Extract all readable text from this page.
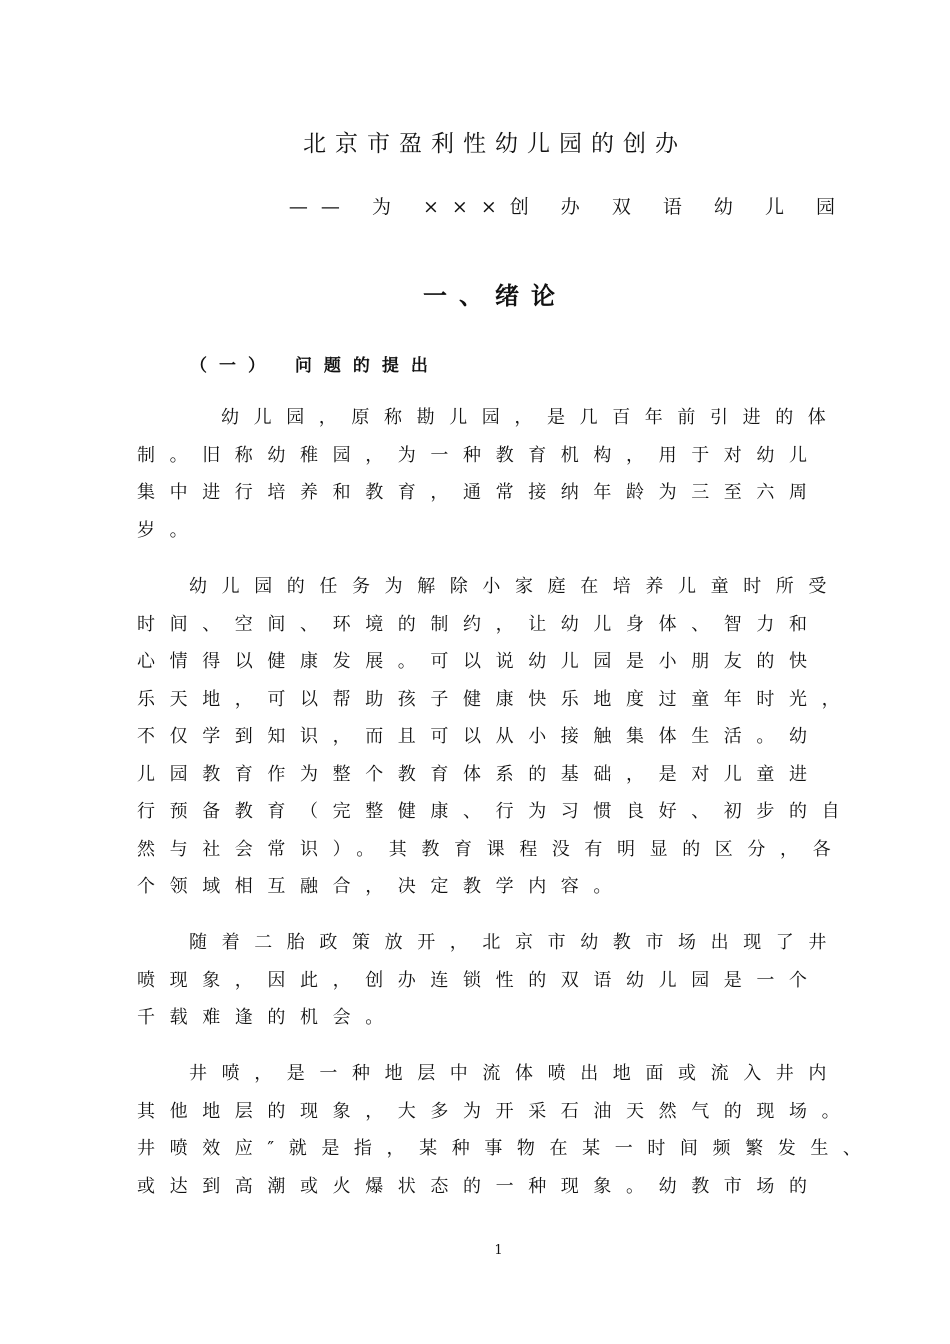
北京市盈利性幼儿园的创办

—— 为 ×××创 办 双 语 幼 儿 园

一、绪论
（一） 问题的提出
幼儿园，原称勘儿园，是几百年前引进的体
制。旧称幼稚园，为一种教育机构，用于对幼儿
集中进行培养和教育，通常接纳年龄为三至六周
岁。
幼儿园的任务为解除小家庭在培养儿童时所受
时间、空间、环境的制约，让幼儿身体、智力和
心情得以健康发展。可以说幼儿园是小朋友的快
乐天地，可以帮助孩子健康快乐地度过童年时光，
不仅学到知识，而且可以从小接触集体生活。幼
儿园教育作为整个教育体系的基础，是对儿童进
行预备教育（完整健康、行为习惯良好、初步的自
然与社会常识）。其教育课程没有明显的区分，各
个领域相互融合，决定教学内容。
随着二胎政策放开，北京市幼教市场出现了井
喷现象，因此，创办连锁性的双语幼儿园是一个
千载难逢的机会。
井喷，是一种地层中流体喷出地面或流入井内
其他地层的现象，大多为开采石油天然气的现场。
井喷效应″就是指，某种事物在某一时间频繁发生、
或达到高潮或火爆状态的一种现象。幼教市场的

1
